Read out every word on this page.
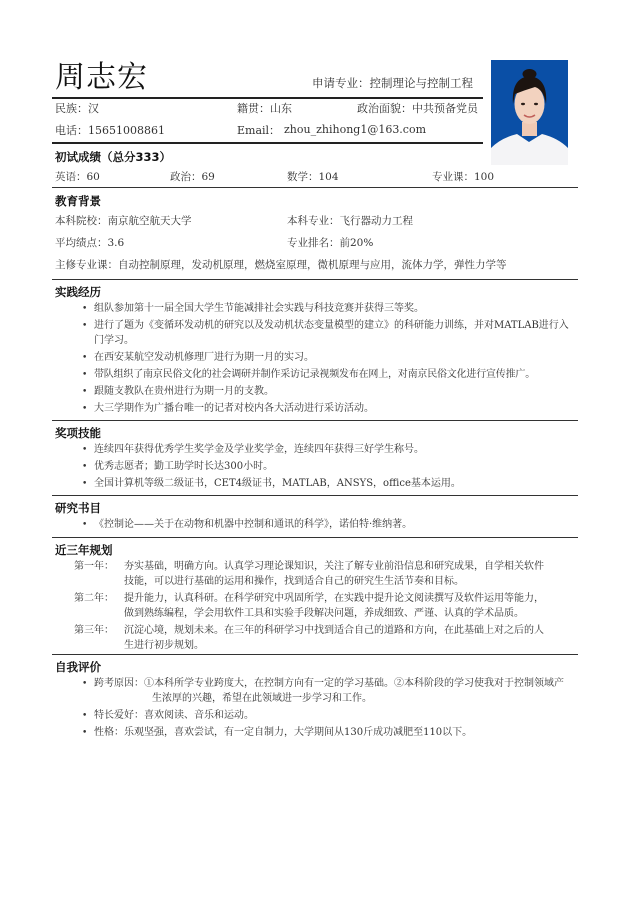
周志宏	申请专业：控制理论与控制工程
民族：汉	籍贯：山东	政治面貌：中共预备党员
电话：15651008861	Email： zhou_zhihong1@163.com
初试成绩（总分333）
英语：60	政治：69	数学：104	专业课：100
教育背景
本科院校：南京航空航天大学	本科专业：飞行器动力工程
平均绩点：3.6	专业排名：前20%
主修专业课：自动控制原理，发动机原理，燃烧室原理，微机原理与应用，流体力学，弹性力学等
实践经历
• 组队参加第十一届全国大学生节能减排社会实践与科技竞赛并获得三等奖。
• 进行了题为《变循环发动机的研究以及发动机状态变量模型的建立》的科研能力训练，并对MATLAB进行入门学习。
• 在西安某航空发动机修理厂进行为期一月的实习。
• 带队组织了南京民俗文化的社会调研并制作采访记录视频发布在网上，对南京民俗文化进行宣传推广。
• 跟随支教队在贵州进行为期一月的支教。
• 大三学期作为广播台唯一的记者对校内各大活动进行采访活动。
奖项技能
• 连续四年获得优秀学生奖学金及学业奖学金，连续四年获得三好学生称号。
• 优秀志愿者；勤工助学时长达300小时。
• 全国计算机等级二级证书，CET4级证书，MATLAB，ANSYS，office基本运用。
研究书目
• 《控制论——关于在动物和机器中控制和通讯的科学》，诺伯特·维纳著。
近三年规划
第一年： 夯实基础，明确方向。认真学习理论课知识，关注了解专业前沿信息和研究成果，自学相关软件技能，可以进行基础的运用和操作，找到适合自己的研究生生活节奏和目标。
第二年： 提升能力，认真科研。在科学研究中巩固所学，在实践中提升论文阅读撰写及软件运用等能力，做到熟练编程，学会用软件工具和实验手段解决问题，养成细致、严谨、认真的学术品质。
第三年： 沉淀心境，规划未来。在三年的科研学习中找到适合自己的道路和方向，在此基础上对之后的人生进行初步规划。
自我评价
• 跨考原因：①本科所学专业跨度大，在控制方向有一定的学习基础。②本科阶段的学习使我对于控制领域产生浓厚的兴趣，希望在此领域进一步学习和工作。
• 特长爱好：喜欢阅读、音乐和运动。
• 性格：乐观坚强，喜欢尝试，有一定自制力，大学期间从130斤成功减肥至110以下。
